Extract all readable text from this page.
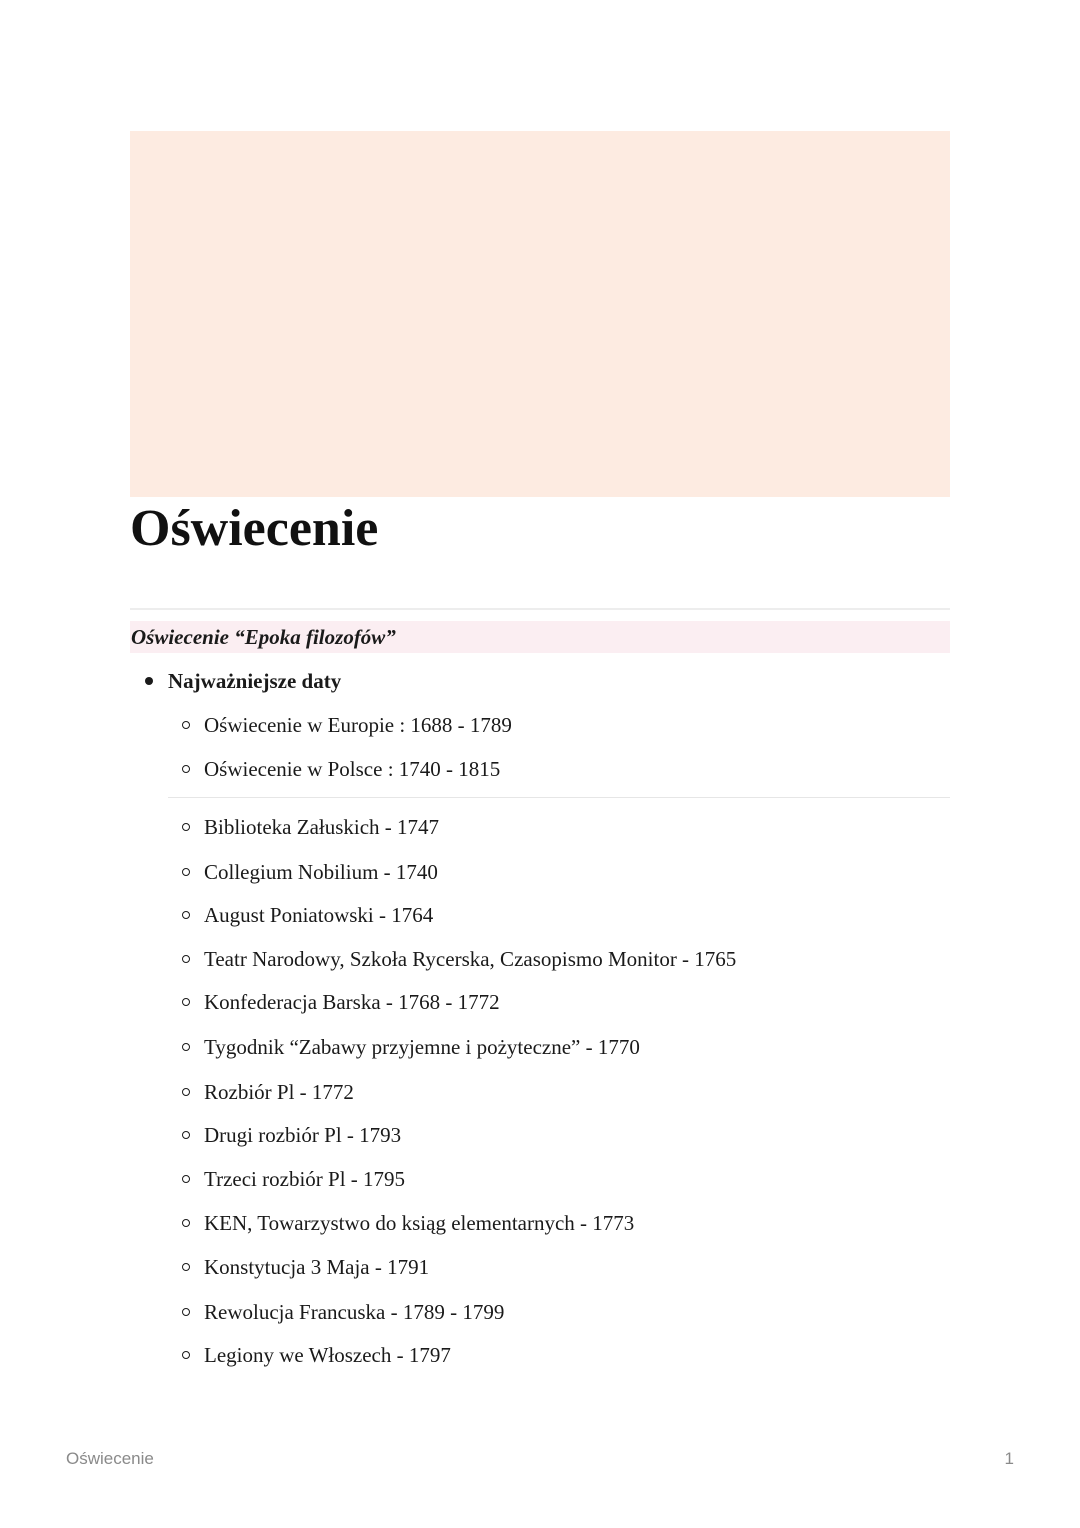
Oświecenie
Oświecenie “Epoka filozofów”
Najważniejsze daty
Oświecenie w Europie : 1688 - 1789
Oświecenie w Polsce : 1740 - 1815
Biblioteka Załuskich - 1747
Collegium Nobilium - 1740
August Poniatowski - 1764
Teatr Narodowy, Szkoła Rycerska, Czasopismo Monitor - 1765
Konfederacja Barska - 1768 - 1772
Tygodnik “Zabawy przyjemne i pożyteczne” - 1770
Rozbiór Pl - 1772
Drugi rozbiór Pl - 1793
Trzeci rozbiór Pl - 1795
KEN, Towarzystwo do ksiąg elementarnych - 1773
Konstytucja 3 Maja - 1791
Rewolucja Francuska - 1789 - 1799
Legiony we Włoszech - 1797
Oświecenie	1
